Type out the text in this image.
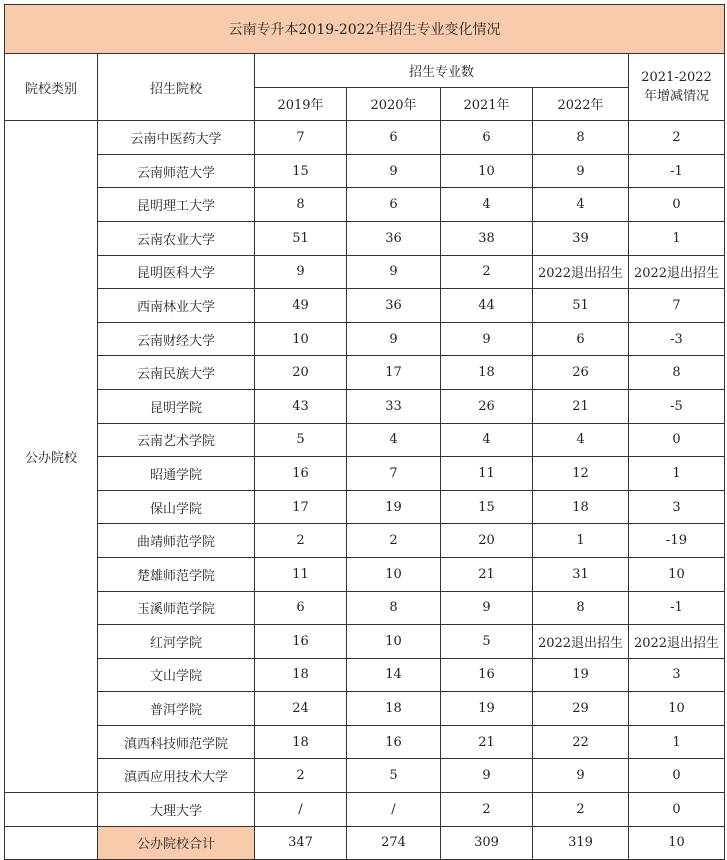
云南专升本2019-2022年招生专业变化情况						
院校类别	招生院校	招生专业数				2021-2022年增减情况
		2019年	2020年	2021年	2022年	
公办院校	云南中医药大学	7	6	6	8	2
	云南师范大学	15	9	10	9	-1
	昆明理工大学	8	6	4	4	0
	云南农业大学	51	36	38	39	1
	昆明医科大学	9	9	2	2022退出招生	2022退出招生
	西南林业大学	49	36	44	51	7
	云南财经大学	10	9	9	6	-3
	云南民族大学	20	17	18	26	8
	昆明学院	43	33	26	21	-5
	云南艺术学院	5	4	4	4	0
	昭通学院	16	7	11	12	1
	保山学院	17	19	15	18	3
	曲靖师范学院	2	2	20	1	-19
	楚雄师范学院	11	10	21	31	10
	玉溪师范学院	6	8	9	8	-1
	红河学院	16	10	5	2022退出招生	2022退出招生
	文山学院	18	14	16	19	3
	普洱学院	24	18	19	29	10
	滇西科技师范学院	18	16	21	22	1
	滇西应用技术大学	2	5	9	9	0
	大理大学	/	/	2	2	0
	公办院校合计	347	274	309	319	10
